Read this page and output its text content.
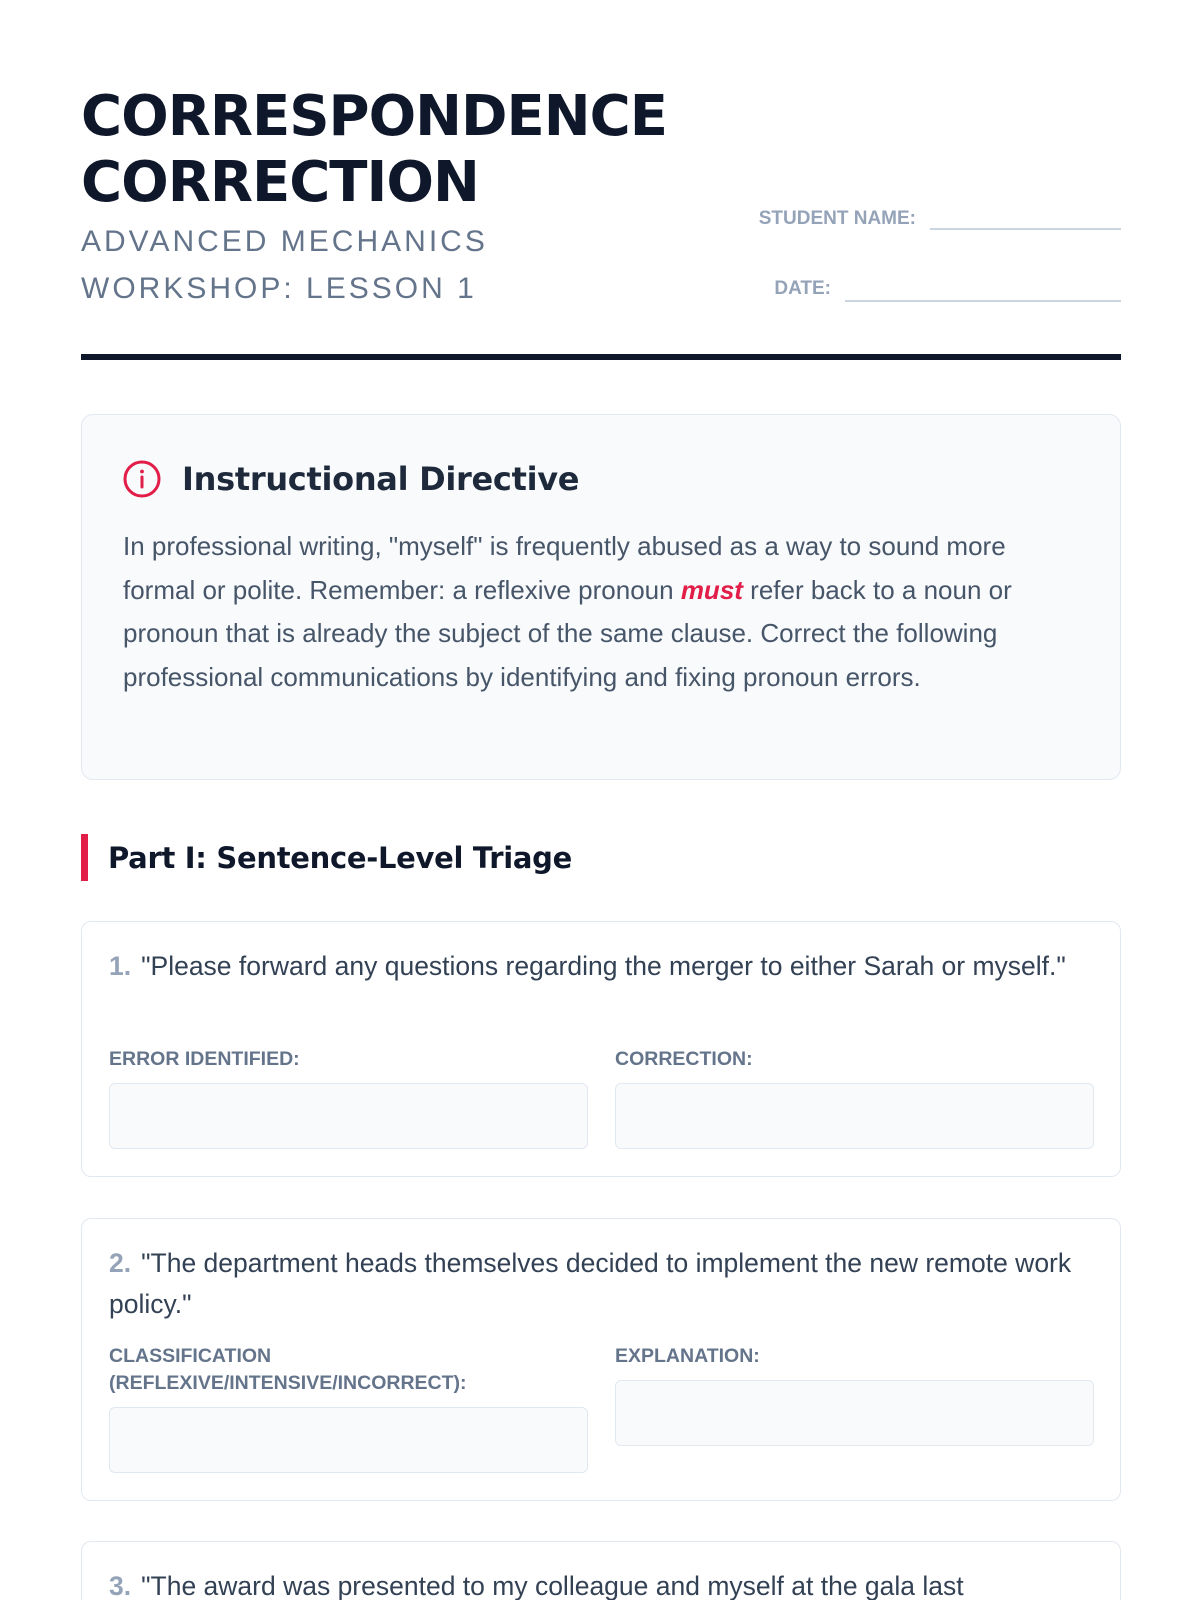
CORRESPONDENCE CORRECTION
ADVANCED MECHANICS WORKSHOP: LESSON 1
STUDENT NAME:
DATE:
Instructional Directive

In professional writing, "myself" is frequently abused as a way to sound more formal or polite. Remember: a reflexive pronoun must refer back to a noun or pronoun that is already the subject of the same clause. Correct the following professional communications by identifying and fixing pronoun errors.

Part I: Sentence-Level Triage

1. "Please forward any questions regarding the merger to either Sarah or myself."

ERROR IDENTIFIED:	CORRECTION:

2. "The department heads themselves decided to implement the new remote work policy."

CLASSIFICATION (REFLEXIVE/INTENSIVE/INCORRECT):
EXPLANATION:

3. "The award was presented to my colleague and myself at the gala last
